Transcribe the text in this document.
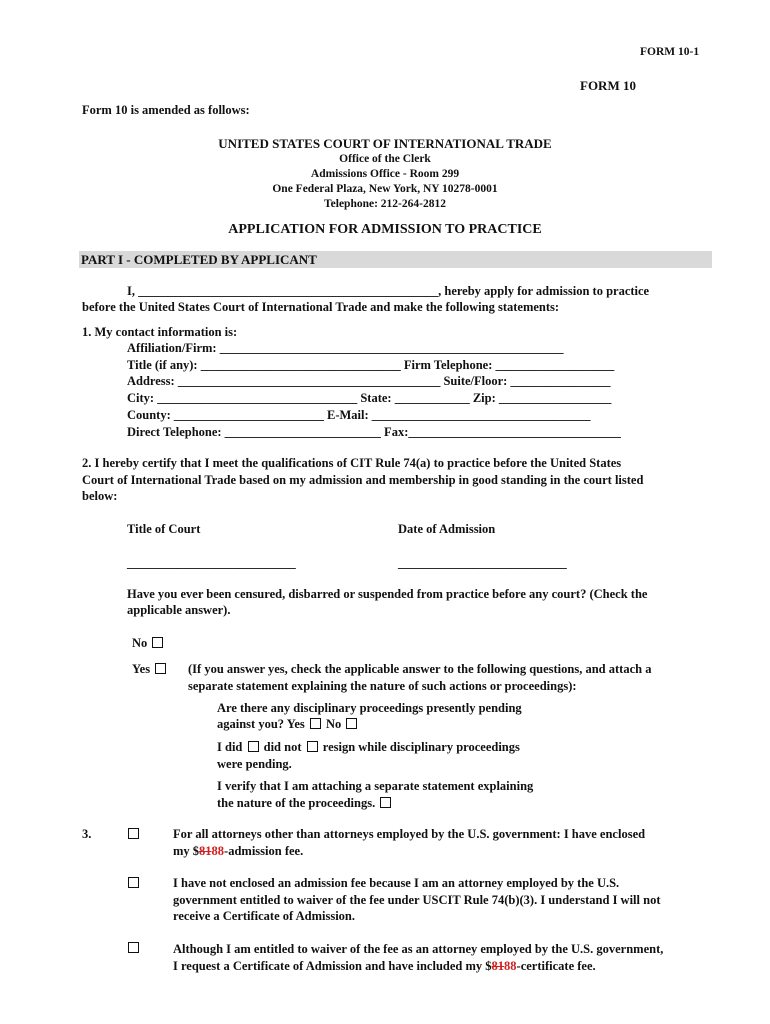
FORM 10-1
FORM 10
Form 10 is amended as follows:
UNITED STATES COURT OF INTERNATIONAL TRADE
Office of the Clerk
Admissions Office - Room 299
One Federal Plaza, New York, NY 10278-0001
Telephone: 212-264-2812
APPLICATION FOR ADMISSION TO PRACTICE
PART I - COMPLETED BY APPLICANT
I, ________________________________________________, hereby apply for admission to practice
before the United States Court of International Trade and make the following statements:
1. My contact information is:
Affiliation/Firm: _______________________________________________________
Title (if any): ________________________________ Firm Telephone: ___________________
Address: __________________________________________ Suite/Floor: ________________
City: ________________________________ State: ____________ Zip: __________________
County: ________________________ E-Mail: ___________________________________
Direct Telephone: _________________________ Fax:__________________________________
2. I hereby certify that I meet the qualifications of CIT Rule 74(a) to practice before the United States
Court of International Trade based on my admission and membership in good standing in the court listed
below:
Title of Court	Date of Admission
___________________________	___________________________
Have you ever been censured, disbarred or suspended from practice before any court? (Check the
applicable answer).
No
Yes	(If you answer yes, check the applicable answer to the following questions, and attach a
separate statement explaining the nature of such actions or proceedings):
Are there any disciplinary proceedings presently pending
against you? Yes No
I did did not resign while disciplinary proceedings
were pending.
I verify that I am attaching a separate statement explaining
the nature of the proceedings.
3.	For all attorneys other than attorneys employed by the U.S. government: I have enclosed
my $8188-admission fee.
I have not enclosed an admission fee because I am an attorney employed by the U.S.
government entitled to waiver of the fee under USCIT Rule 74(b)(3). I understand I will not
receive a Certificate of Admission.
Although I am entitled to waiver of the fee as an attorney employed by the U.S. government,
I request a Certificate of Admission and have included my $8188-certificate fee.
